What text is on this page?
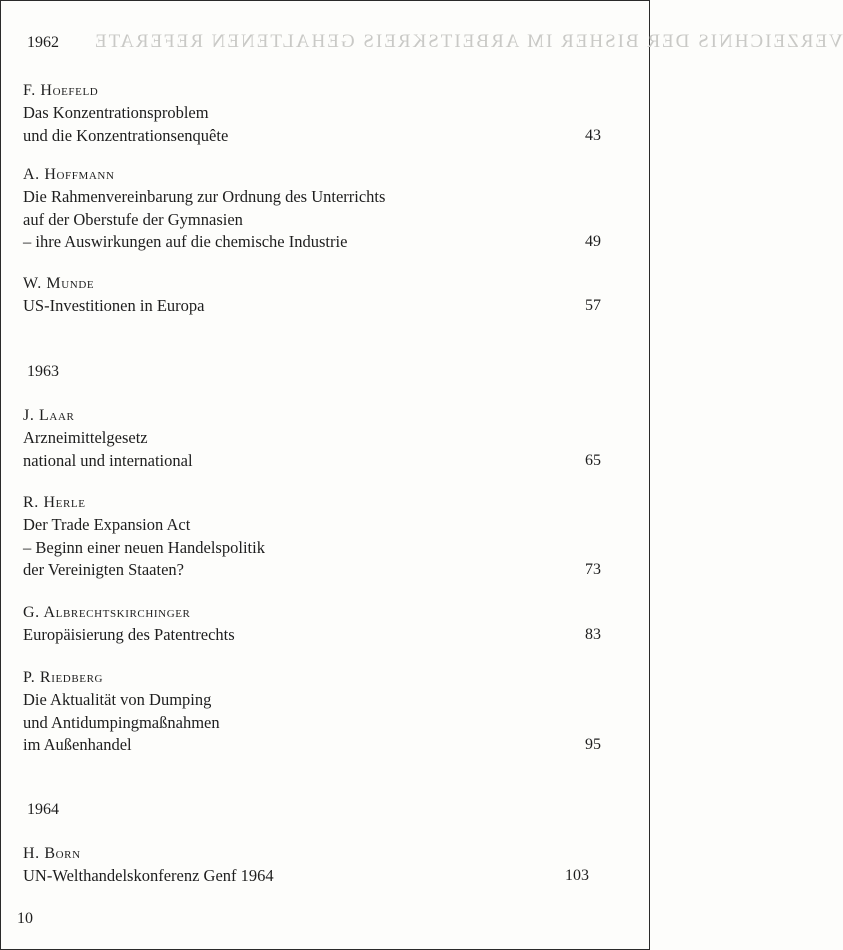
VERZEICHNIS DER BISHER IM ARBEITSKREIS GEHALTENEN REFERATE
1962
F. Hoefeld
Das Konzentrationsproblem
und die Konzentrationsenquête	43
A. Hoffmann
Die Rahmenvereinbarung zur Ordnung des Unterrichts
auf der Oberstufe der Gymnasien
– ihre Auswirkungen auf die chemische Industrie	49
W. Munde
US-Investitionen in Europa	57
1963
J. Laar
Arzneimittelgesetz
national und international	65
R. Herle
Der Trade Expansion Act
– Beginn einer neuen Handelspolitik
der Vereinigten Staaten?	73
G. Albrechtskirchinger
Europäisierung des Patentrechts	83
P. Riedberg
Die Aktualität von Dumping
und Antidumpingmaßnahmen
im Außenhandel	95
1964
H. Born
UN-Welthandelskonferenz Genf 1964	103
10
